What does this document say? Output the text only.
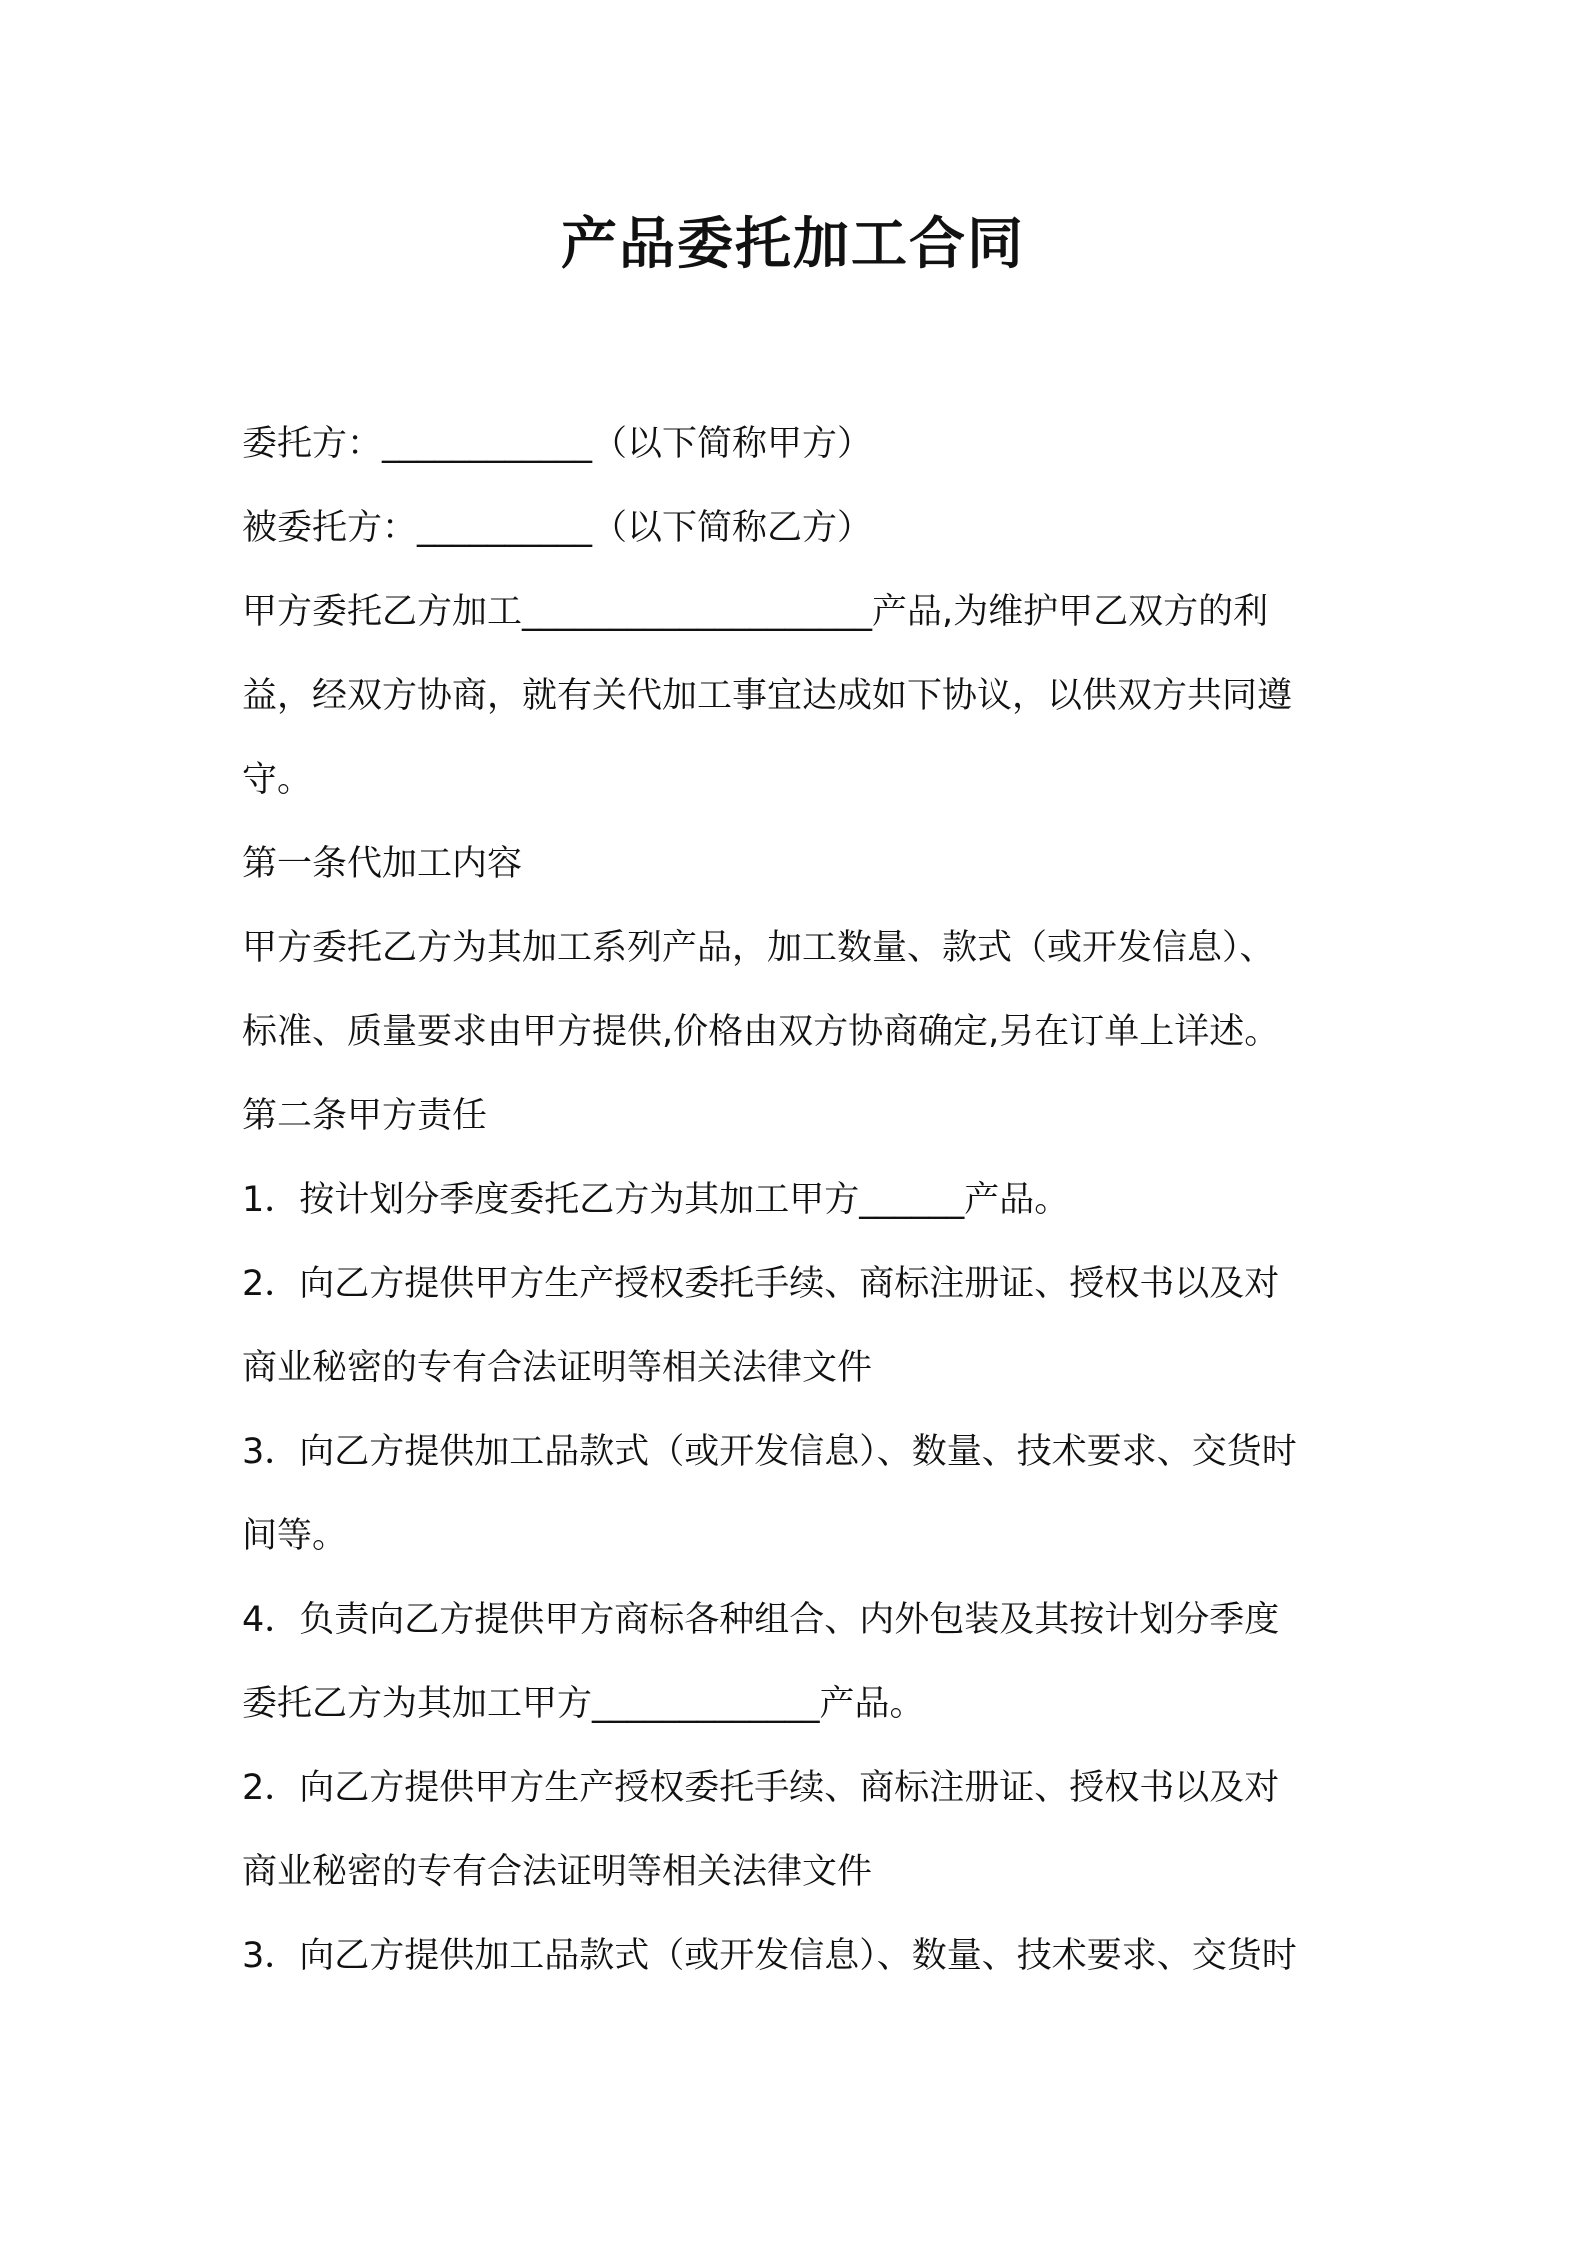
产品委托加工合同
委托方：____________（以下简称甲方）
被委托方：__________（以下简称乙方）
甲方委托乙方加工____________________产品,为维护甲乙双方的利
益，经双方协商，就有关代加工事宜达成如下协议，以供双方共同遵
守。
第一条代加工内容
甲方委托乙方为其加工系列产品，加工数量、款式（或开发信息）、
标准、质量要求由甲方提供,价格由双方协商确定,另在订单上详述。
第二条甲方责任
1．按计划分季度委托乙方为其加工甲方______产品。
2．向乙方提供甲方生产授权委托手续、商标注册证、授权书以及对
商业秘密的专有合法证明等相关法律文件
3．向乙方提供加工品款式（或开发信息）、数量、技术要求、交货时
间等。
4．负责向乙方提供甲方商标各种组合、内外包装及其按计划分季度
委托乙方为其加工甲方_____________产品。
2．向乙方提供甲方生产授权委托手续、商标注册证、授权书以及对
商业秘密的专有合法证明等相关法律文件
3．向乙方提供加工品款式（或开发信息）、数量、技术要求、交货时
